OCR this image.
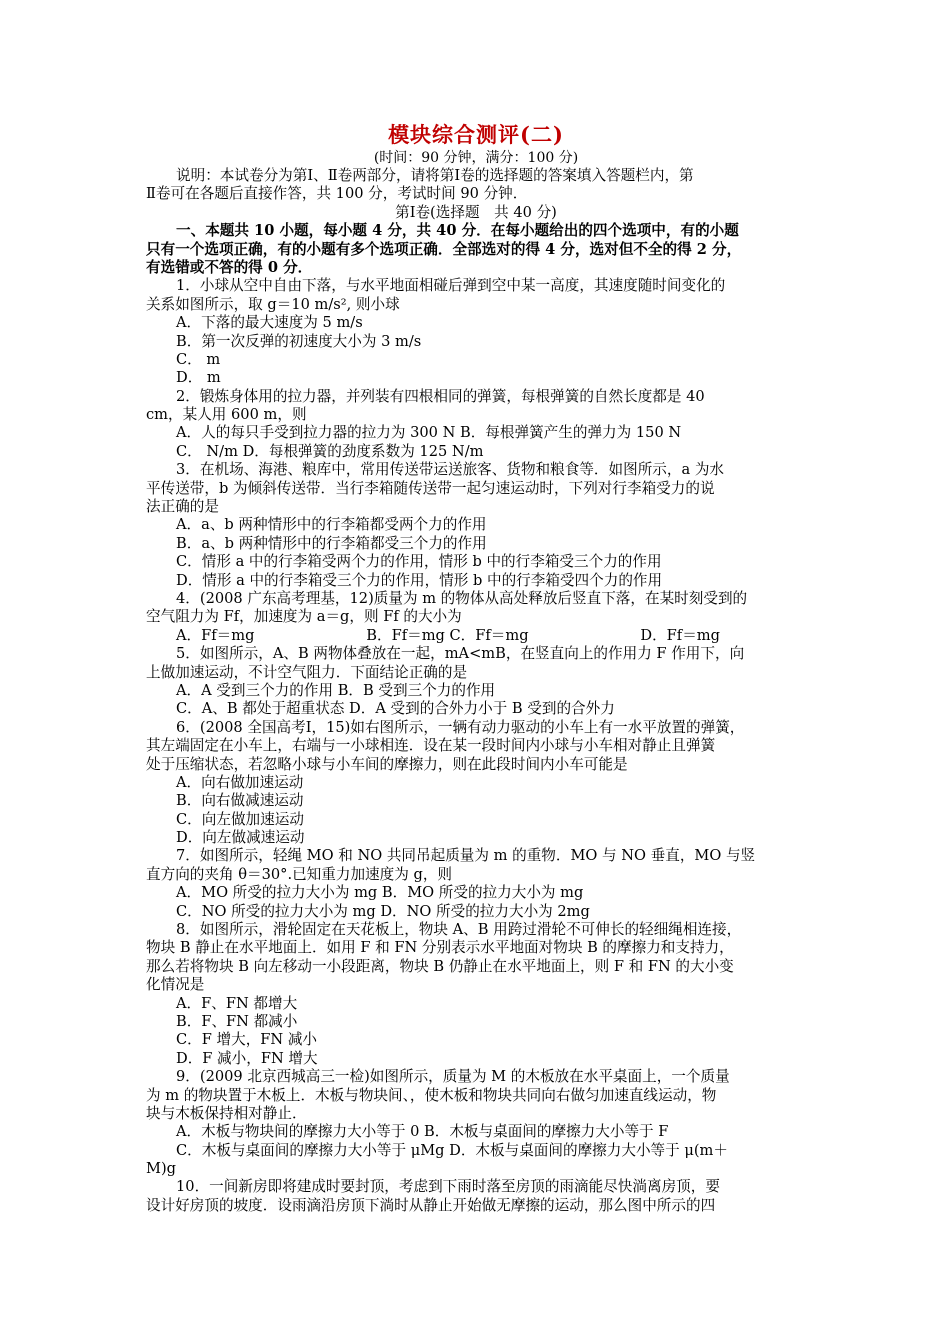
模块综合测评(二)
(时间：90 分钟，满分：100 分)
说明：本试卷分为第Ⅰ、Ⅱ卷两部分，请将第Ⅰ卷的选择题的答案填入答题栏内，第
Ⅱ卷可在各题后直接作答，共 100 分，考试时间 90 分钟．
第Ⅰ卷(选择题　共 40 分)
一、本题共 10 小题，每小题 4 分，共 40 分．在每小题给出的四个选项中，有的小题
只有一个选项正确，有的小题有多个选项正确．全部选对的得 4 分，选对但不全的得 2 分，
有选错或不答的得 0 分．
1．小球从空中自由下落，与水平地面相碰后弹到空中某一高度，其速度随时间变化的
关系如图所示，取 g＝10 m/s², 则小球
A．下落的最大速度为 5 m/s
B．第一次反弹的初速度大小为 3 m/s
C． m
D． m
2．锻炼身体用的拉力器，并列装有四根相同的弹簧，每根弹簧的自然长度都是 40
cm，某人用 600 m，则
A．人的每只手受到拉力器的拉力为 300 N B．每根弹簧产生的弹力为 150 N
C． N/m D．每根弹簧的劲度系数为 125 N/m
3．在机场、海港、粮库中，常用传送带运送旅客、货物和粮食等．如图所示，a 为水
平传送带，b 为倾斜传送带．当行李箱随传送带一起匀速运动时，下列对行李箱受力的说
法正确的是
A．a、b 两种情形中的行李箱都受两个力的作用
B．a、b 两种情形中的行李箱都受三个力的作用
C．情形 a 中的行李箱受两个力的作用，情形 b 中的行李箱受三个力的作用
D．情形 a 中的行李箱受三个力的作用，情形 b 中的行李箱受四个力的作用
4．(2008 广东高考理基，12)质量为 m 的物体从高处释放后竖直下落，在某时刻受到的
空气阻力为 Ff，加速度为 a＝g，则 Ff 的大小为
A．Ff＝mg	B．Ff＝mg C．Ff＝mg	D．Ff＝mg
5．如图所示，A、B 两物体叠放在一起，mA<mB，在竖直向上的作用力 F 作用下，向
上做加速运动，不计空气阻力．下面结论正确的是
A．A 受到三个力的作用 B．B 受到三个力的作用
C．A、B 都处于超重状态 D．A 受到的合外力小于 B 受到的合外力
6．(2008 全国高考Ⅰ，15)如右图所示，一辆有动力驱动的小车上有一水平放置的弹簧，
其左端固定在小车上，右端与一小球相连．设在某一段时间内小球与小车相对静止且弹簧
处于压缩状态，若忽略小球与小车间的摩擦力，则在此段时间内小车可能是
A．向右做加速运动
B．向右做减速运动
C．向左做加速运动
D．向左做减速运动
7．如图所示，轻绳 MO 和 NO 共同吊起质量为 m 的重物．MO 与 NO 垂直，MO 与竖
直方向的夹角 θ＝30°.已知重力加速度为 g，则
A．MO 所受的拉力大小为 mg B．MO 所受的拉力大小为 mg
C．NO 所受的拉力大小为 mg D．NO 所受的拉力大小为 2mg
8．如图所示，滑轮固定在天花板上，物块 A、B 用跨过滑轮不可伸长的轻细绳相连接，
物块 B 静止在水平地面上．如用 F 和 FN 分别表示水平地面对物块 B 的摩擦力和支持力，
那么若将物块 B 向左移动一小段距离，物块 B 仍静止在水平地面上，则 F 和 FN 的大小变
化情况是
A．F、FN 都增大
B．F、FN 都减小
C．F 增大，FN 减小
D．F 减小，FN 增大
9．(2009 北京西城高三一检)如图所示，质量为 M 的木板放在水平桌面上，一个质量
为 m 的物块置于木板上．木板与物块间、，使木板和物块共同向右做匀加速直线运动，物
块与木板保持相对静止．
A．木板与物块间的摩擦力大小等于 0 B．木板与桌面间的摩擦力大小等于 F
C．木板与桌面间的摩擦力大小等于 μMg D．木板与桌面间的摩擦力大小等于 μ(m＋
M)g
10．一间新房即将建成时要封顶，考虑到下雨时落至房顶的雨滴能尽快淌离房顶，要
设计好房顶的坡度．设雨滴沿房顶下淌时从静止开始做无摩擦的运动，那么图中所示的四
